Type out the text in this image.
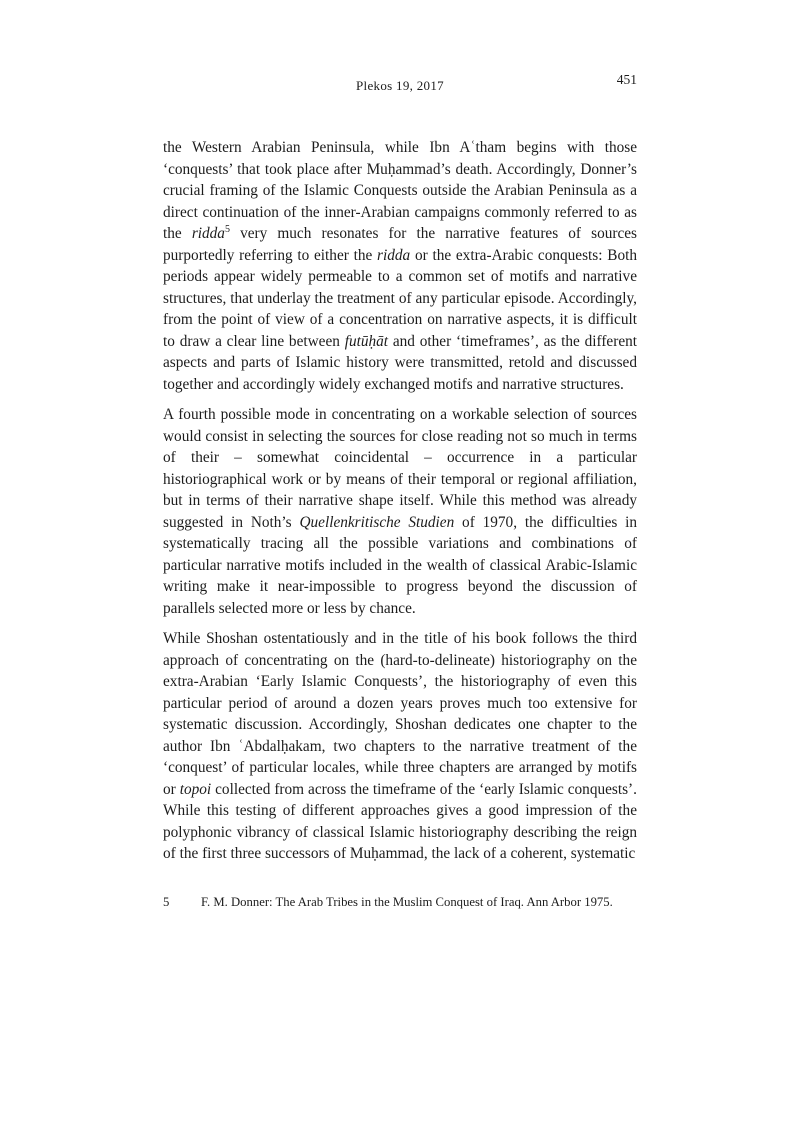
Plekos 19, 2017	451

the Western Arabian Peninsula, while Ibn Aʿtham begins with those ‘conquests’ that took place after Muḥammad’s death. Accordingly, Donner’s crucial framing of the Islamic Conquests outside the Arabian Peninsula as a direct continuation of the inner-Arabian campaigns commonly referred to as the ridda$^5$ very much resonates for the narrative features of sources purportedly referring to either the ridda or the extra-Arabic conquests: Both periods appear widely permeable to a common set of motifs and narrative structures, that underlay the treatment of any particular episode. Accordingly, from the point of view of a concentration on narrative aspects, it is difficult to draw a clear line between futūḥāt and other ‘timeframes’, as the different aspects and parts of Islamic history were transmitted, retold and discussed together and accordingly widely exchanged motifs and narrative structures.

A fourth possible mode in concentrating on a workable selection of sources would consist in selecting the sources for close reading not so much in terms of their – somewhat coincidental – occurrence in a particular historiographical work or by means of their temporal or regional affiliation, but in terms of their narrative shape itself. While this method was already suggested in Noth’s Quellenkritische Studien of 1970, the difficulties in systematically tracing all the possible variations and combinations of particular narrative motifs included in the wealth of classical Arabic-Islamic writing make it near-impossible to progress beyond the discussion of parallels selected more or less by chance.

While Shoshan ostentatiously and in the title of his book follows the third approach of concentrating on the (hard-to-delineate) historiography on the extra-Arabian ‘Early Islamic Conquests’, the historiography of even this particular period of around a dozen years proves much too extensive for systematic discussion. Accordingly, Shoshan dedicates one chapter to the author Ibn ʿAbdalḥakam, two chapters to the narrative treatment of the ‘conquest’ of particular locales, while three chapters are arranged by motifs or topoi collected from across the timeframe of the ‘early Islamic conquests’. While this testing of different approaches gives a good impression of the polyphonic vibrancy of classical Islamic historiography describing the reign of the first three successors of Muḥammad, the lack of a coherent, systematic

5	F. M. Donner: The Arab Tribes in the Muslim Conquest of Iraq. Ann Arbor 1975.
